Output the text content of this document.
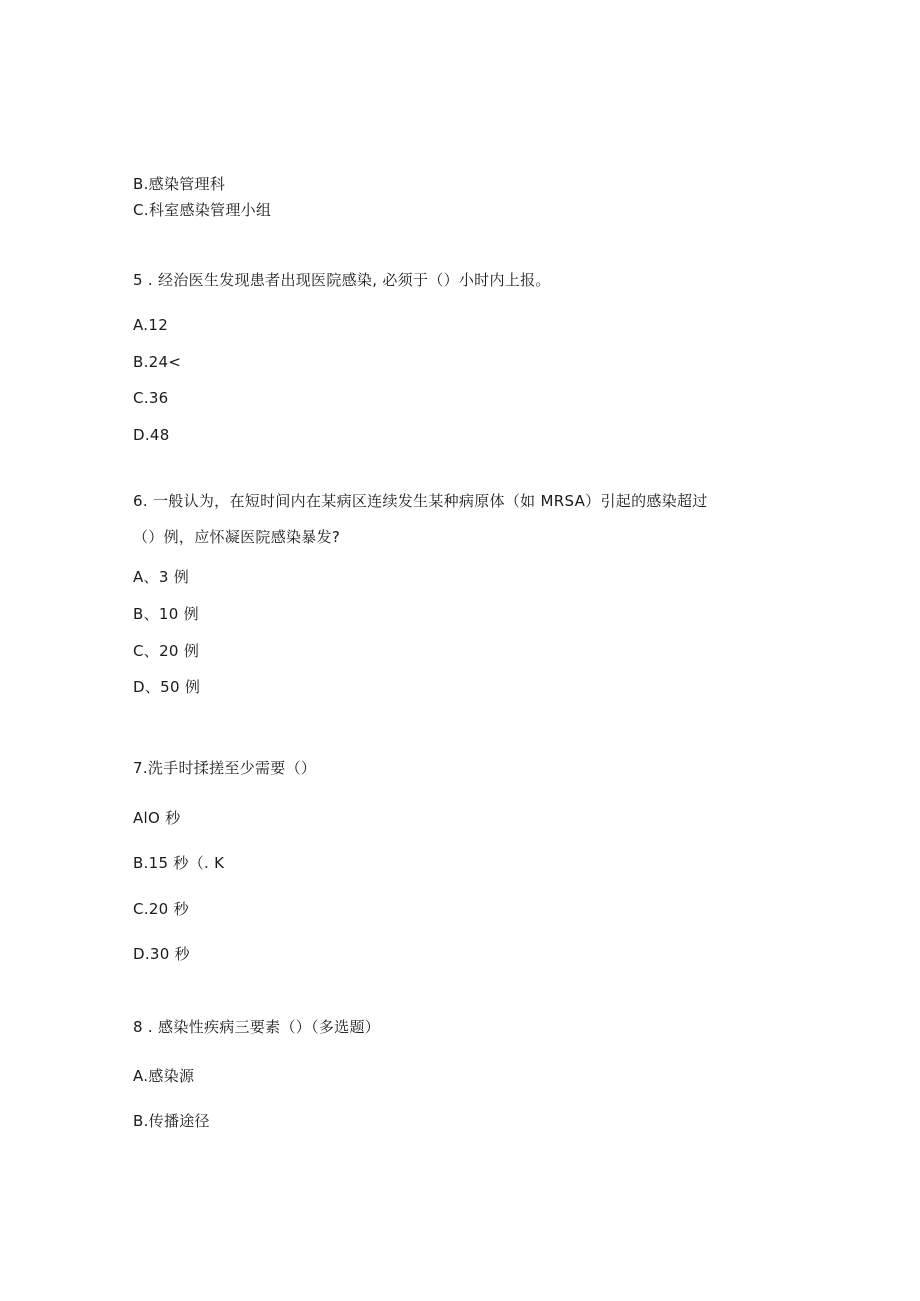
B.感染管理科
C.科室感染管理小组
5 . 经治医生发现患者出现医院感染, 必须于（）小时内上报。
A.12
B.24<
C.36
D.48
6. 一般认为，在短时间内在某病区连续发生某种病原体（如 MRSA）引起的感染超过
（）例，应怀凝医院感染暴发?
A、3 例
B、10 例
C、20 例
D、50 例
7.洗手时揉搓至少需要（）
AlO 秒
B.15 秒（. K
C.20 秒
D.30 秒
8 . 感染性疾病三要素（）（多选题）
A.感染源
B.传播途径
